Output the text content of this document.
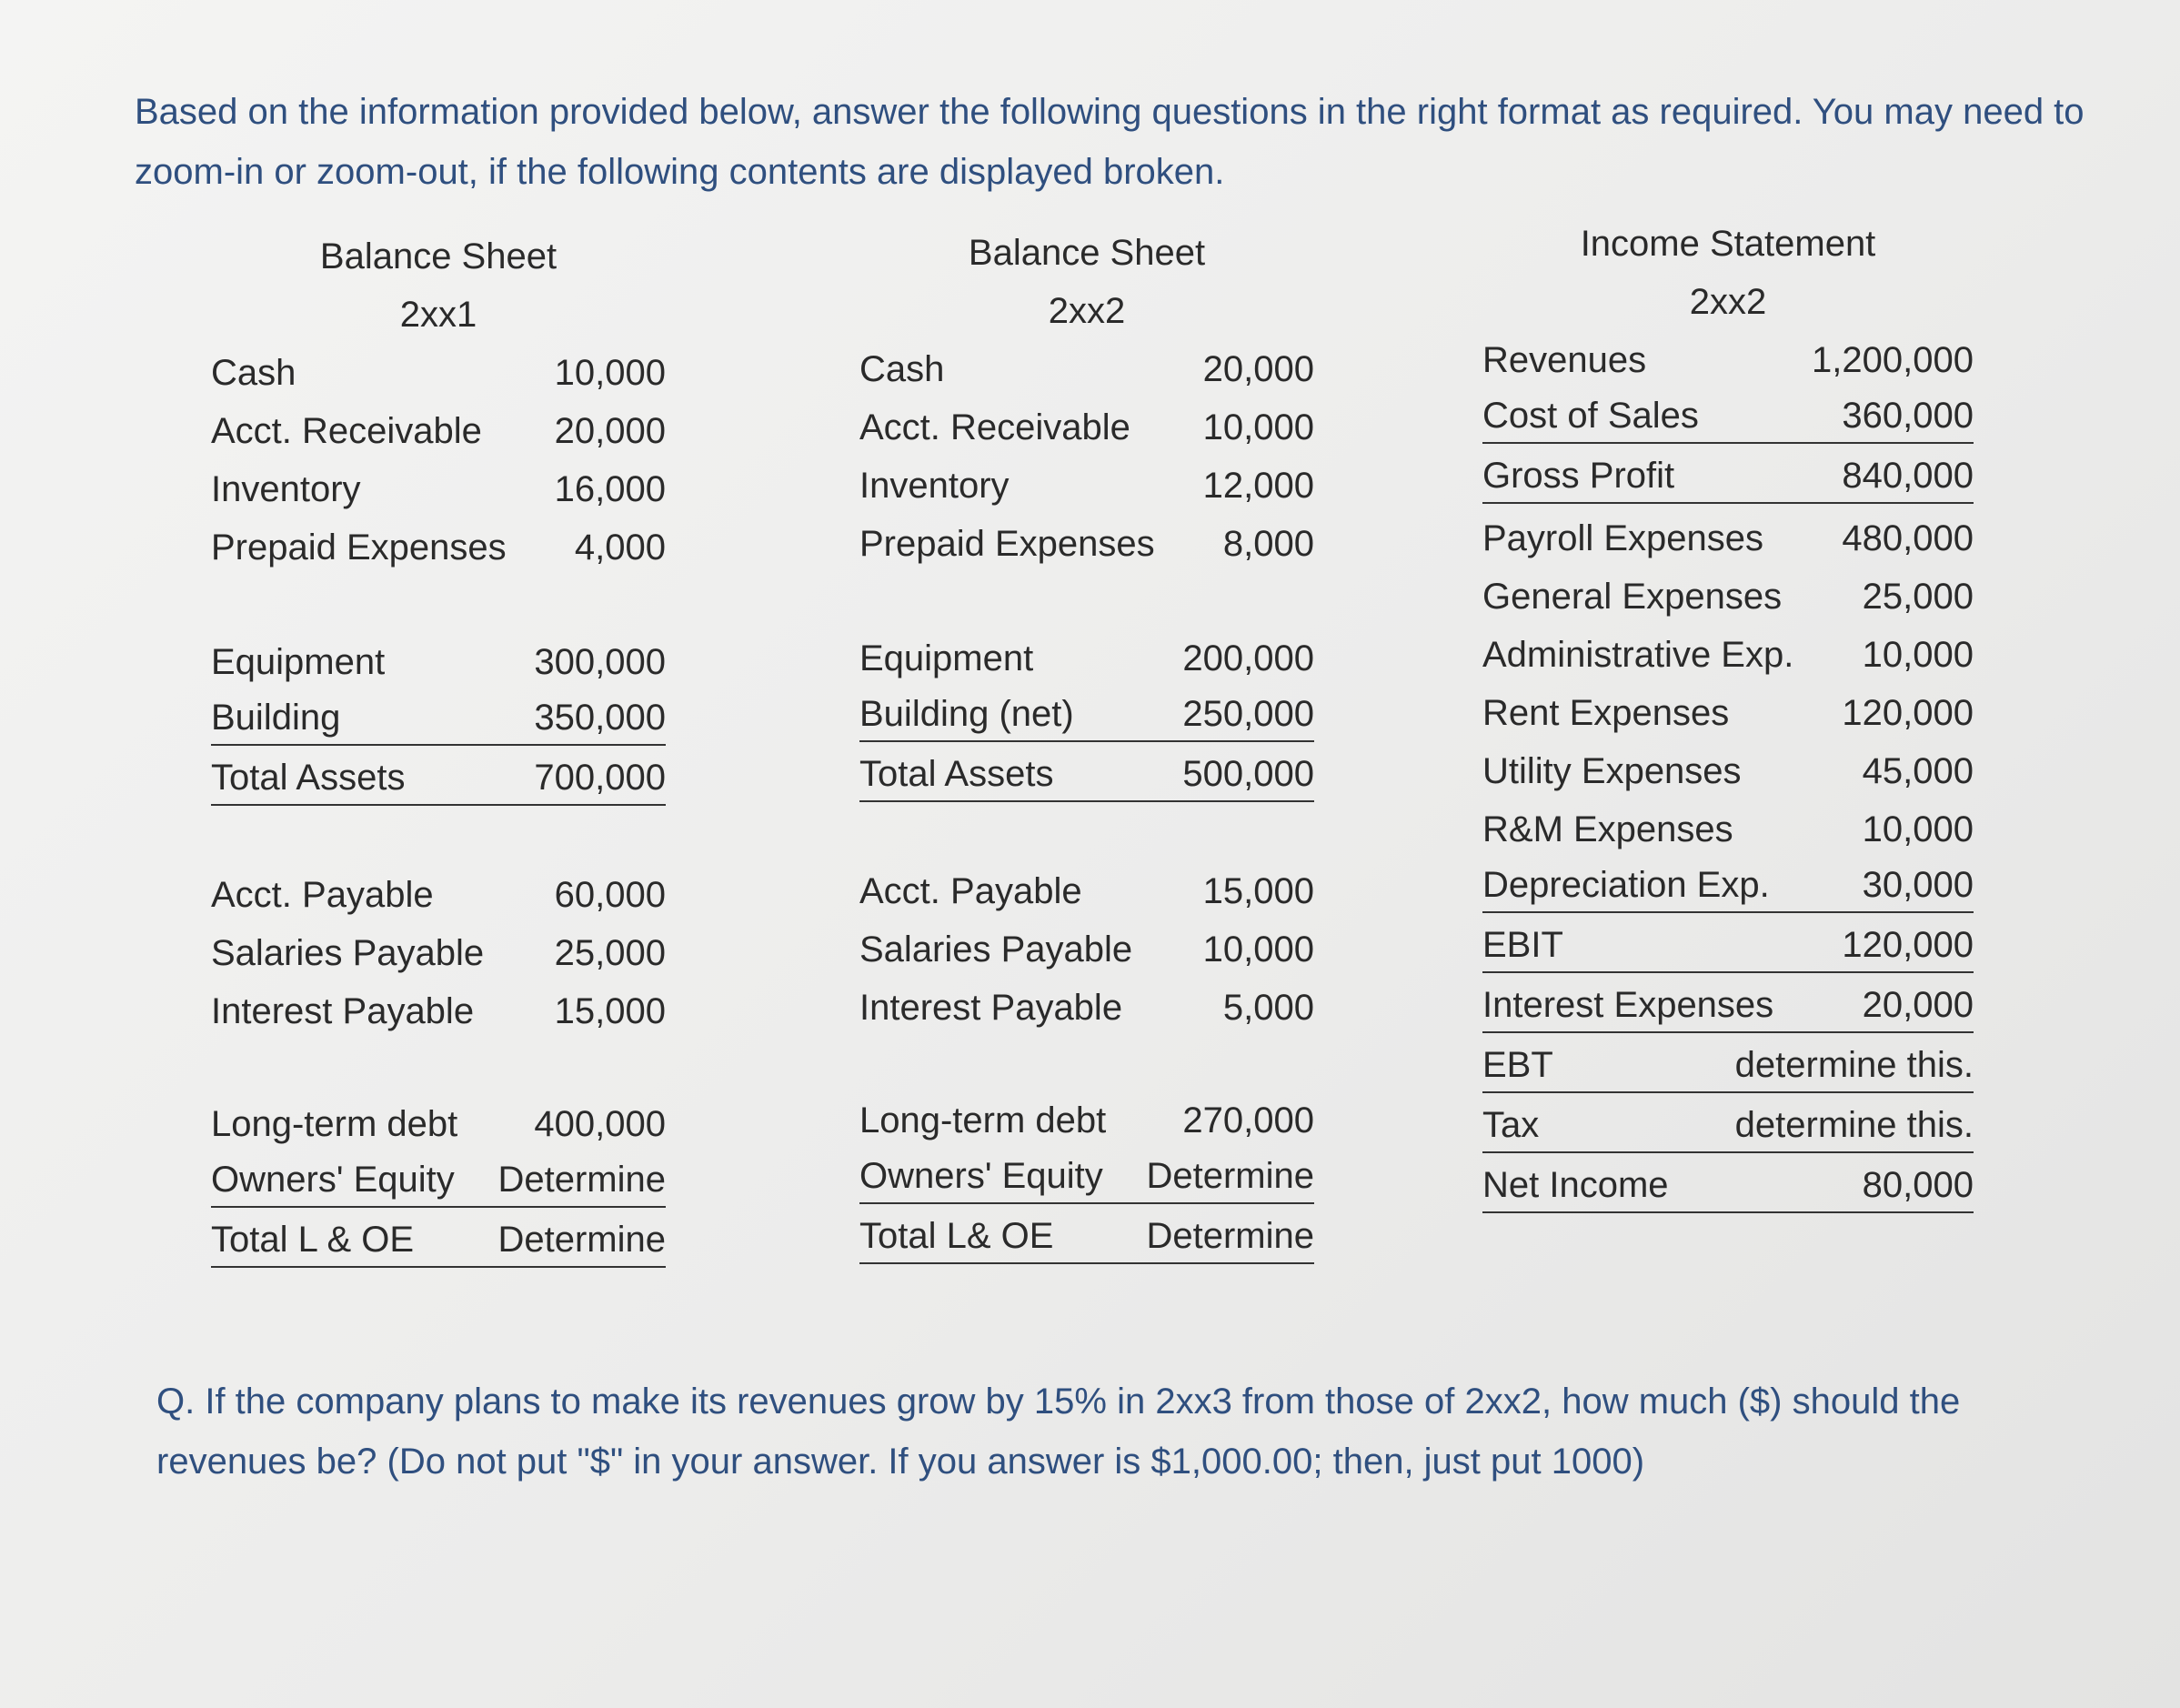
Based on the information provided below, answer the following questions in the right format as required. You may need to zoom-in or zoom-out, if the following contents are displayed broken.

Balance Sheet
2xx1
Cash	10,000
Acct. Receivable 20,000
Inventory	16,000
Prepaid Expenses 4,000
Equipment	300,000
Building	350,000
Total Assets	700,000
Acct. Payable	60,000
Salaries Payable 25,000
Interest Payable 15,000
Long-term debt 400,000
Owners' Equity Determine
Total L & OE Determine
Balance Sheet
2xx2
Cash	20,000
Acct. Receivable 10,000
Inventory	12,000
Prepaid Expenses 8,000
Equipment	200,000
Building (net)	250,000
Total Assets	500,000
Acct. Payable	15,000
Salaries Payable 10,000
Interest Payable	5,000
Long-term debt 270,000
Owners' Equity Determine
Total L& OE	Determine
Income Statement
2xx2
Revenues	1,200,000
Cost of Sales	360,000
Gross Profit	840,000
Payroll Expenses 480,000
General Expenses 25,000
Administrative Exp. 10,000
Rent Expenses	120,000
Utility Expenses	45,000
R&M Expenses	10,000
Depreciation Exp.	30,000
EBIT	120,000
Interest Expenses 20,000
EBT	determine this.
Tax	determine this.
Net Income	80,000

Q. If the company plans to make its revenues grow by 15% in 2xx3 from those of 2xx2, how much ($) should the revenues be? (Do not put "$" in your answer. If you answer is $1,000.00; then, just put 1000)
